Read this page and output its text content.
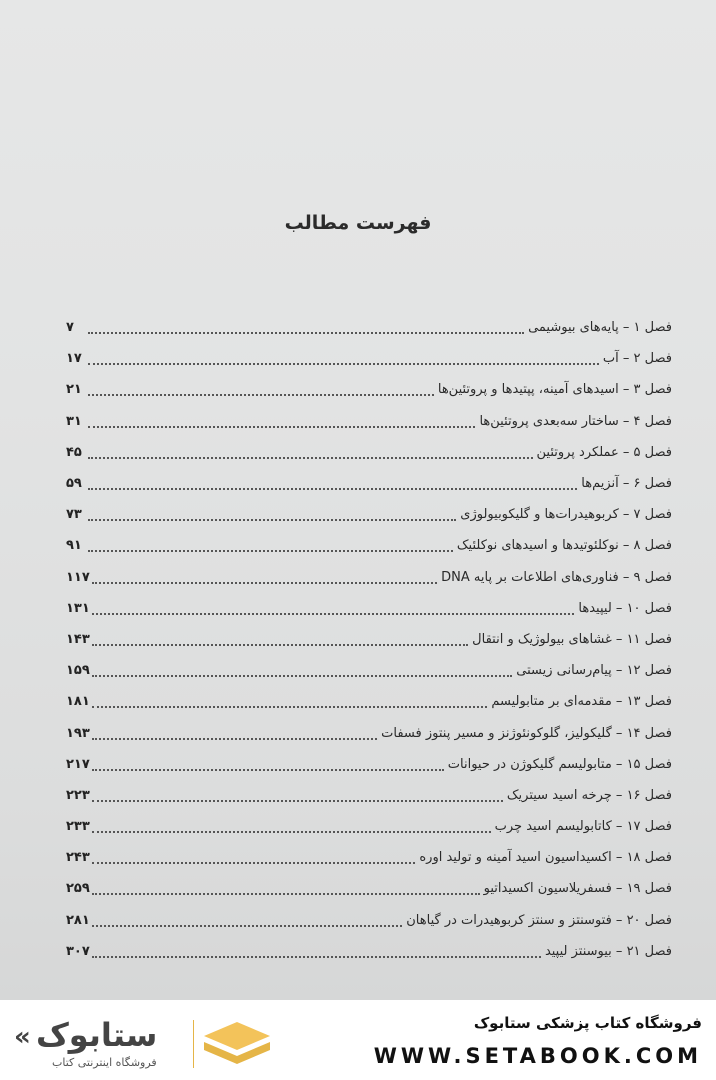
فهرست مطالب
فصل ۱ – پایه‌های بیوشیمی
۷
فصل ۲ – آب
۱۷
فصل ۳ – اسیدهای آمینه، پپتیدها و پروتئین‌ها
۲۱
فصل ۴ – ساختار سه‌بعدی پروتئین‌ها
۳۱
فصل ۵ – عملکرد پروتئین
۴۵
فصل ۶ – آنزیم‌ها
۵۹
فصل ۷ – کربوهیدرات‌ها و گلیکوبیولوژی
۷۳
فصل ۸ – نوکلئوتیدها و اسیدهای نوکلئیک
۹۱
فصل ۹ – فناوری‌های اطلاعات بر پایه DNA
۱۱۷
فصل ۱۰ – لیپیدها
۱۳۱
فصل ۱۱ – غشاهای بیولوژیک و انتقال
۱۴۳
فصل ۱۲ – پیام‌رسانی زیستی
۱۵۹
فصل ۱۳ – مقدمه‌ای بر متابولیسم
۱۸۱
فصل ۱۴ – گلیکولیز، گلوکونئوژنز و مسیر پنتوز فسفات
۱۹۳
فصل ۱۵ – متابولیسم گلیکوژن در حیوانات
۲۱۷
فصل ۱۶ – چرخه اسید سیتریک
۲۲۳
فصل ۱۷ – کاتابولیسم اسید چرب
۲۳۳
فصل ۱۸ – اکسیداسیون اسید آمینه و تولید اوره
۲۴۳
فصل ۱۹ – فسفریلاسیون اکسیداتیو
۲۵۹
فصل ۲۰ – فتوسنتز و سنتز کربوهیدرات در گیاهان
۲۸۱
فصل ۲۱ – بیوسنتز لیپید
۳۰۷
« ستابوک
فروشگاه اینترنتی کتاب
فروشگاه کتاب پزشکی ستابوک
WWW.SETABOOK.COM
